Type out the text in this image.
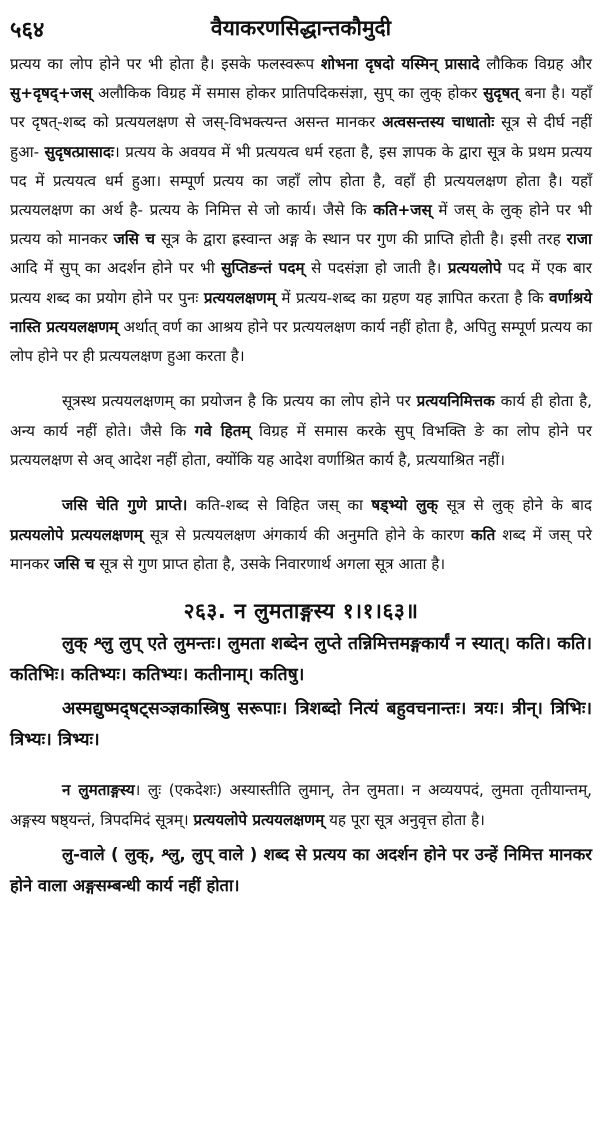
५६४	वैयाकरणसिद्धान्तकौमुदी

प्रत्यय का लोप होने पर भी होता है। इसके फलस्वरूप शोभना दृषदो यस्मिन् प्रासादे लौकिक विग्रह और सु+दृषद्+जस् अलौकिक विग्रह में समास होकर प्रातिपदिकसंज्ञा, सुप् का लुक् होकर सुदृषत् बना है। यहाँ पर दृषत्-शब्द को प्रत्ययलक्षण से जस्-विभक्त्यन्त असन्त मानकर अत्वसन्तस्य चाधातोः सूत्र से दीर्घ नहीं हुआ- सुदृषत्प्रासादः। प्रत्यय के अवयव में भी प्रत्ययत्व धर्म रहता है, इस ज्ञापक के द्वारा सूत्र के प्रथम प्रत्यय पद में प्रत्ययत्व धर्म हुआ। सम्पूर्ण प्रत्यय का जहाँ लोप होता है, वहाँ ही प्रत्ययलक्षण होता है। यहाँ प्रत्ययलक्षण का अर्थ है- प्रत्यय के निमित्त से जो कार्य। जैसे कि कति+जस् में जस् के लुक् होने पर भी प्रत्यय को मानकर जसि च सूत्र के द्वारा ह्रस्वान्त अङ्ग के स्थान पर गुण की प्राप्ति होती है। इसी तरह राजा आदि में सुप् का अदर्शन होने पर भी सुप्तिङन्तं पदम् से पदसंज्ञा हो जाती है। प्रत्ययलोपे पद में एक बार प्रत्यय शब्द का प्रयोग होने पर पुनः प्रत्ययलक्षणम् में प्रत्यय-शब्द का ग्रहण यह ज्ञापित करता है कि वर्णाश्रये नास्ति प्रत्ययलक्षणम् अर्थात् वर्ण का आश्रय होने पर प्रत्ययलक्षण कार्य नहीं होता है, अपितु सम्पूर्ण प्रत्यय का लोप होने पर ही प्रत्ययलक्षण हुआ करता है।

सूत्रस्थ प्रत्ययलक्षणम् का प्रयोजन है कि प्रत्यय का लोप होने पर प्रत्ययनिमित्तक कार्य ही होता है, अन्य कार्य नहीं होते। जैसे कि गवे हितम् विग्रह में समास करके सुप् विभक्ति ङे का लोप होने पर प्रत्ययलक्षण से अव् आदेश नहीं होता, क्योंकि यह आदेश वर्णाश्रित कार्य है, प्रत्ययाश्रित नहीं।

जसि चेति गुणे प्राप्ते। कति-शब्द से विहित जस् का षड्भ्यो लुक् सूत्र से लुक् होने के बाद प्रत्ययलोपे प्रत्ययलक्षणम् सूत्र से प्रत्ययलक्षण अंगकार्य की अनुमति होने के कारण कति शब्द में जस् परे मानकर जसि च सूत्र से गुण प्राप्त होता है, उसके निवारणार्थ अगला सूत्र आता है।

२६३. न लुमताङ्गस्य १।१।६३॥

लुक् श्लु लुप् एते लुमन्तः। लुमता शब्देन लुप्ते तन्निमित्तमङ्गकार्यं न स्यात्। कति। कति। कतिभिः। कतिभ्यः। कतिभ्यः। कतीनाम्। कतिषु।

अस्मद्युष्मद्षट्सञ्ज्ञकास्त्रिषु सरूपाः। त्रिशब्दो नित्यं बहुवचनान्तः। त्रयः। त्रीन्। त्रिभिः। त्रिभ्यः। त्रिभ्यः।

न लुमताङ्गस्य। लुः (एकदेशः) अस्यास्तीति लुमान्, तेन लुमता। न अव्ययपदं, लुमता तृतीयान्तम्, अङ्गस्य षष्ठ्यन्तं, त्रिपदमिदं सूत्रम्। प्रत्ययलोपे प्रत्ययलक्षणम् यह पूरा सूत्र अनुवृत्त होता है।

लु-वाले ( लुक्, श्लु, लुप् वाले ) शब्द से प्रत्यय का अदर्शन होने पर उन्हें निमित्त मानकर होने वाला अङ्गसम्बन्धी कार्य नहीं होता।
